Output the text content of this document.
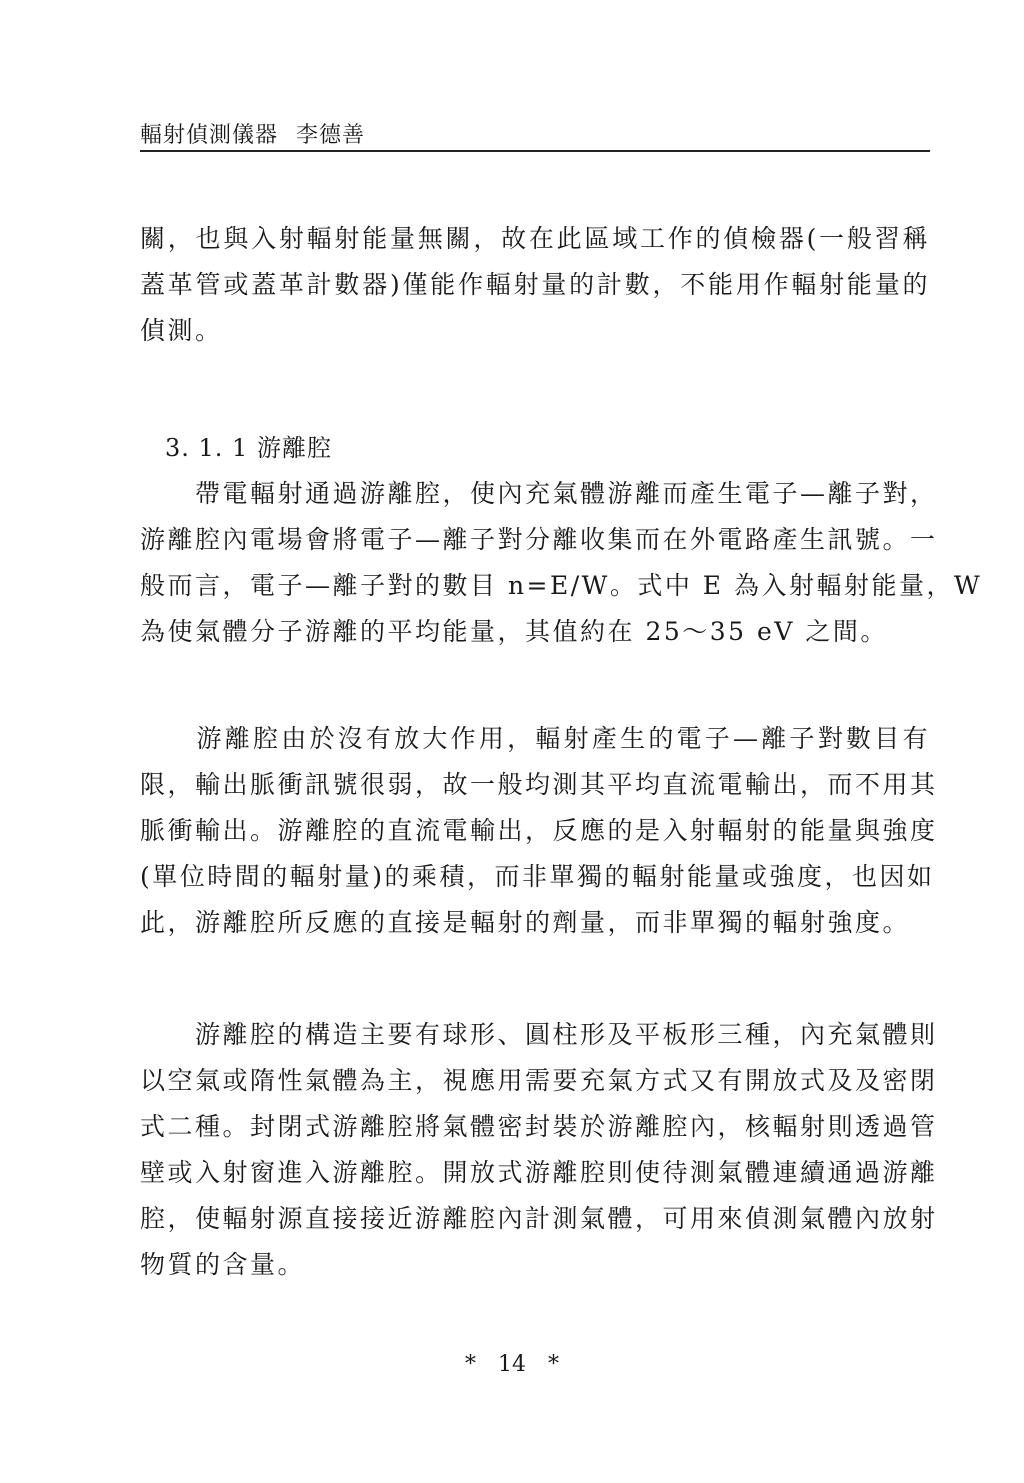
輻射偵測儀器 李德善
關，也與入射輻射能量無關，故在此區域工作的偵檢器(一般習稱
蓋革管或蓋革計數器)僅能作輻射量的計數，不能用作輻射能量的
偵測。
3. 1. 1 游離腔
　　帶電輻射通過游離腔，使內充氣體游離而產生電子—離子對，
游離腔內電場會將電子—離子對分離收集而在外電路產生訊號。一
般而言，電子—離子對的數目 n=E/W。式中 E 為入射輻射能量，W
為使氣體分子游離的平均能量，其值約在 25～35 eV 之間。
　　游離腔由於沒有放大作用，輻射產生的電子—離子對數目有
限，輸出脈衝訊號很弱，故一般均測其平均直流電輸出，而不用其
脈衝輸出。游離腔的直流電輸出，反應的是入射輻射的能量與強度
(單位時間的輻射量)的乘積，而非單獨的輻射能量或強度，也因如
此，游離腔所反應的直接是輻射的劑量，而非單獨的輻射強度。
　　游離腔的構造主要有球形、圓柱形及平板形三種，內充氣體則
以空氣或隋性氣體為主，視應用需要充氣方式又有開放式及及密閉
式二種。封閉式游離腔將氣體密封裝於游離腔內，核輻射則透過管
壁或入射窗進入游離腔。開放式游離腔則使待測氣體連續通過游離
腔，使輻射源直接接近游離腔內計測氣體，可用來偵測氣體內放射
物質的含量。
* 14 *
